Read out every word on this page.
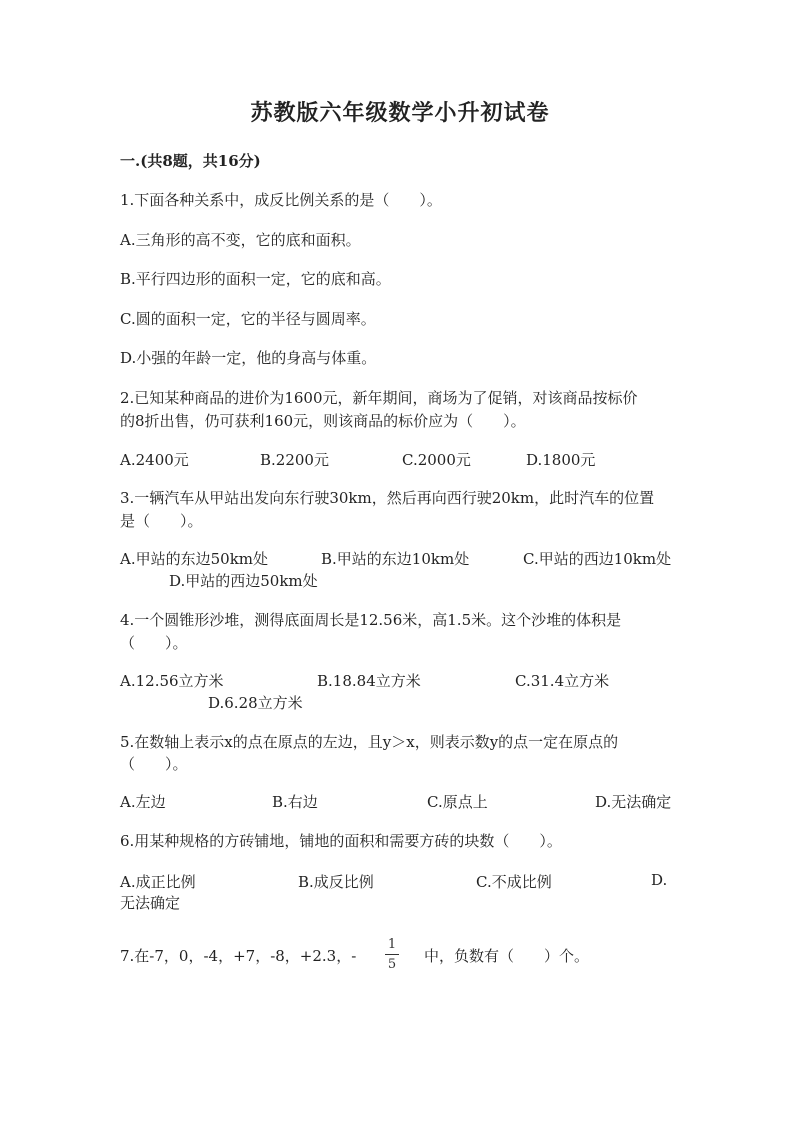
苏教版六年级数学小升初试卷
一.(共8题，共16分)
1.下面各种关系中，成反比例关系的是（　　）。
A.三角形的高不变，它的底和面积。
B.平行四边形的面积一定，它的底和高。
C.圆的面积一定，它的半径与圆周率。
D.小强的年龄一定，他的身高与体重。
2.已知某种商品的进价为1600元，新年期间，商场为了促销，对该商品按标价
的8折出售，仍可获利160元，则该商品的标价应为（　　）。
A.2400元	B.2200元	C.2000元	D.1800元
3.一辆汽车从甲站出发向东行驶30km，然后再向西行驶20km，此时汽车的位置
是（　　）。
A.甲站的东边50km处	B.甲站的东边10km处	C.甲站的西边10km处
D.甲站的西边50km处
4.一个圆锥形沙堆，测得底面周长是12.56米，高1.5米。这个沙堆的体积是
（　　）。
A.12.56立方米	B.18.84立方米	C.31.4立方米
D.6.28立方米
5.在数轴上表示x的点在原点的左边，且y＞x，则表示数y的点一定在原点的
（　　）。
A.左边	B.右边	C.原点上	D.无法确定
6.用某种规格的方砖铺地，铺地的面积和需要方砖的块数（　　）。
A.成正比例	B.成反比例	C.不成比例	D.
无法确定
7.在-7，0，-4，+7，-8，+2.3，-
1
5	中，负数有（　　）个。
